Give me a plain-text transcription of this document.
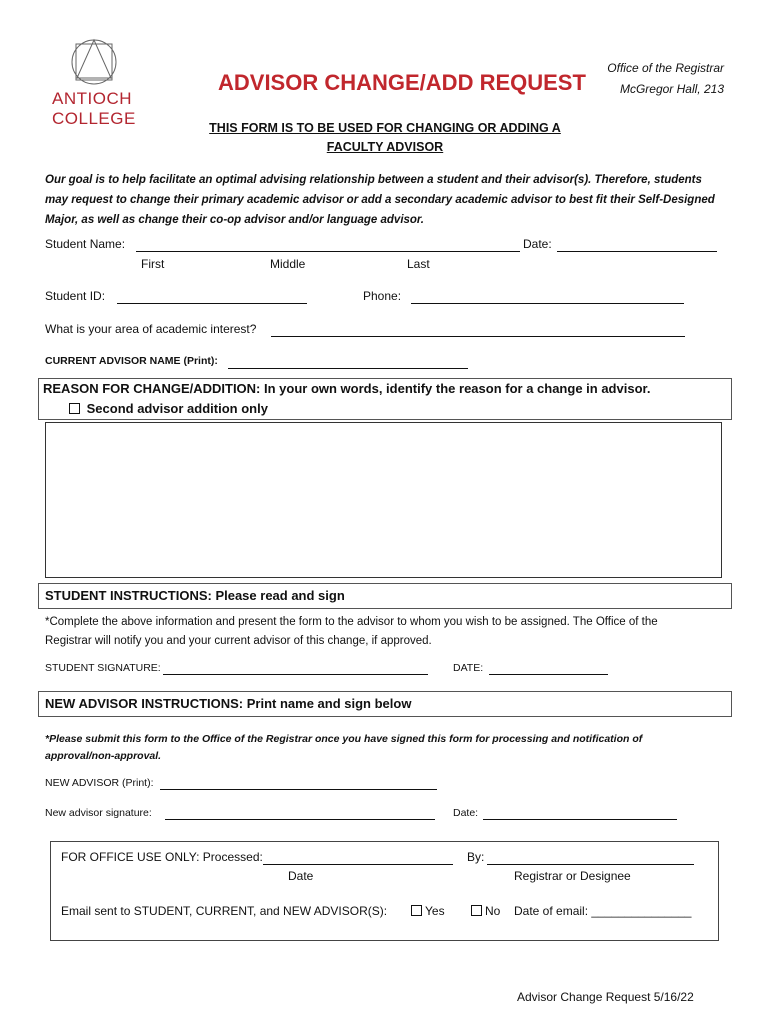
ANTIOCH
COLLEGE
ADVISOR CHANGE/ADD REQUEST
Office of the Registrar
McGregor Hall, 213
THIS FORM IS TO BE USED FOR CHANGING OR ADDING A
FACULTY ADVISOR
Our goal is to help facilitate an optimal advising relationship between a student and their advisor(s). Therefore, students may request to change their primary academic advisor or add a secondary academic advisor to best fit their Self-Designed Major, as well as change their co-op advisor and/or language advisor.
Student Name:	Date:
First	Middle	Last
Student ID:	Phone:
What is your area of academic interest?
CURRENT ADVISOR NAME (Print):
REASON FOR CHANGE/ADDITION: In your own words, identify the reason for a change in advisor.
Second advisor addition only
STUDENT INSTRUCTIONS: Please read and sign
*Complete the above information and present the form to the advisor to whom you wish to be assigned. The Office of the
Registrar will notify you and your current advisor of this change, if approved.
STUDENT SIGNATURE:	DATE:
NEW ADVISOR INSTRUCTIONS: Print name and sign below
*Please submit this form to the Office of the Registrar once you have signed this form for processing and notification of
approval/non-approval.
NEW ADVISOR (Print):
New advisor signature:	Date:
FOR OFFICE USE ONLY: Processed:	By:
Date	Registrar or Designee
Email sent to STUDENT, CURRENT, and NEW ADVISOR(S):	Yes	No Date of email: _______________
Advisor Change Request 5/16/22
